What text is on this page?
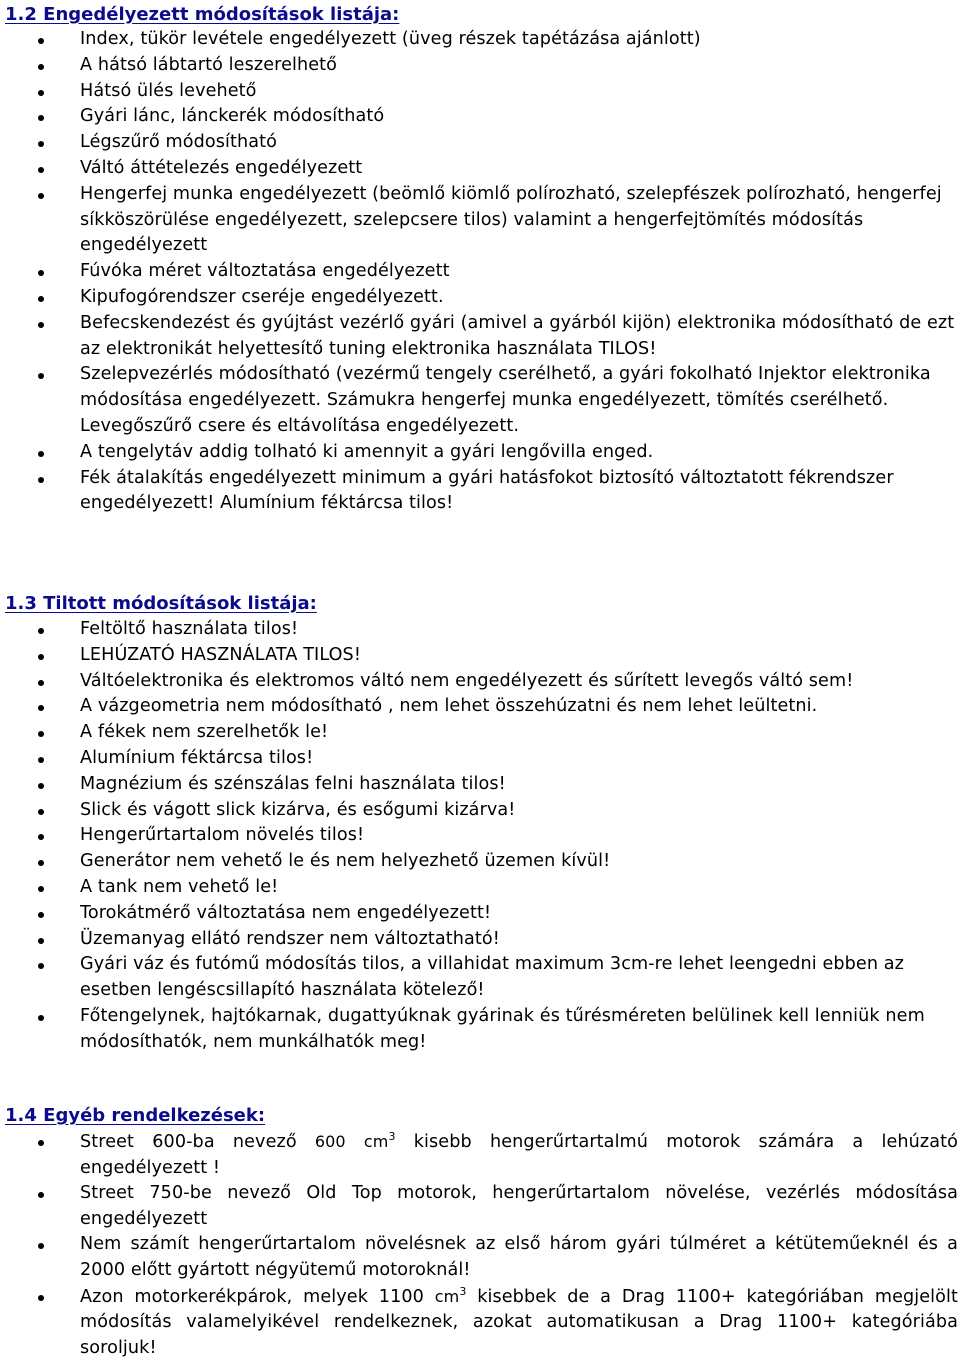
1.2 Engedélyezett módosítások listája:
Index, tükör levétele engedélyezett (üveg részek tapétázása ajánlott)
A hátsó lábtartó leszerelhető
Hátsó ülés levehető
Gyári lánc, lánckerék módosítható
Légszűrő módosítható
Váltó áttételezés engedélyezett
Hengerfej munka engedélyezett (beömlő kiömlő polírozható, szelepfészek polírozható, hengerfej síkköszörülése engedélyezett, szelepcsere tilos) valamint a hengerfejtömítés módosítás engedélyezett
Fúvóka méret változtatása engedélyezett
Kipufogórendszer cseréje engedélyezett.
Befecskendezést és gyújtást vezérlő gyári (amivel a gyárból kijön) elektronika módosítható de ezt az elektronikát helyettesítő tuning elektronika használata TILOS!
Szelepvezérlés módosítható (vezérmű tengely cserélhető, a gyári fokolható Injektor elektronika módosítása engedélyezett. Számukra hengerfej munka engedélyezett, tömítés cserélhető. Levegőszűrő csere és eltávolítása engedélyezett.
A tengelytáv addig tolható ki amennyit a gyári lengővilla enged.
Fék átalakítás engedélyezett minimum a gyári hatásfokot biztosító változtatott fékrendszer engedélyezett! Alumínium féktárcsa tilos!
1.3 Tiltott módosítások listája:
Feltöltő használata tilos!
LEHÚZATÓ HASZNÁLATA TILOS!
Váltóelektronika és elektromos váltó nem engedélyezett és sűrített levegős váltó sem!
A vázgeometria nem módosítható , nem lehet összehúzatni és nem lehet leültetni.
A fékek nem szerelhetők le!
Alumínium féktárcsa tilos!
Magnézium és szénszálas felni használata tilos!
Slick és vágott slick kizárva, és esőgumi kizárva!
Hengerűrtartalom növelés tilos!
Generátor nem vehető le és nem helyezhető üzemen kívül!
A tank nem vehető le!
Torokátmérő változtatása nem engedélyezett!
Üzemanyag ellátó rendszer nem változtatható!
Gyári váz és futómű módosítás tilos, a villahidat maximum 3cm-re lehet leengedni ebben az esetben lengéscsillapító használata kötelező!
Főtengelynek, hajtókarnak, dugattyúknak gyárinak és tűrésméreten belülinek kell lenniük nem módosíthatók, nem munkálhatók meg!
1.4 Egyéb rendelkezések:
Street 600-ba nevező 600 $cm^3$ kisebb hengerűrtartalmú motorok számára a lehúzató engedélyezett !
Street 750-be nevező Old Top motorok, hengerűrtartalom növelése, vezérlés módosítása engedélyezett
Nem számít hengerűrtartalom növelésnek az első három gyári túlméret a kétüteműeknél és a 2000 előtt gyártott négyütemű motoroknál!
Azon motorkerékpárok, melyek 1100 $cm^3$ kisebbek de a Drag 1100+ kategóriában megjelölt módosítás valamelyikével rendelkeznek, azokat automatikusan a Drag 1100+ kategóriába soroljuk!
